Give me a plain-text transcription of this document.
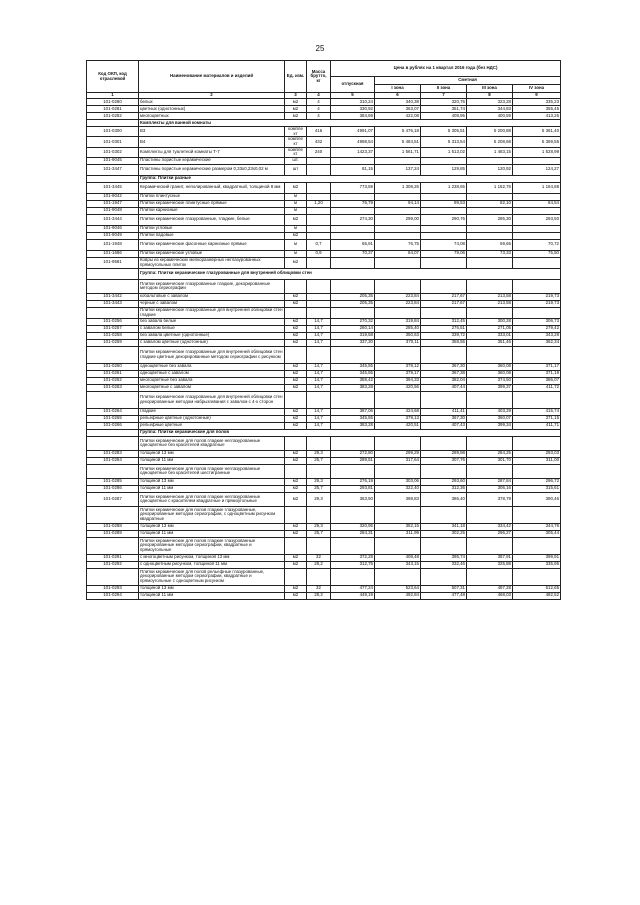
25
Код ОКП, код отраслевой	Наименование материалов и изделий	Ед. изм.	Масса брутто, кг	Цена в рублях на 1 квартал 2016 года (без НДС)				
				отпускная	Сметная			
					I зона	II зона	III зона	IV зона
1	2	3	4	5	6	7	8	9
101-0280	белых	м2	4	310,24	340,38	320,76	323,28	335,23
101-0281	цветных (однотонных)	м2	4	330,92	363,07	351,74	344,83	355,45
101-0282	многоцветных	м2	4	384,69	422,08	408,95	400,59	413,26
	Комплекты для ванной комнаты							
101-0300	В3	компле кт	416	4991,07	5 476,18	5 305,51	5 200,88	5 361,40
101-0301	В4	компле кт	432	4998,54	5 484,51	5 313,54	5 208,68	5 369,55
101-0302	Комплекты для туалетной комнаты Т-7	компле кт	240	1423,37	1 561,71	1 513,02	1 483,15	1 528,99
101-9045	Пластины пористые керамические	шт.						
101-3447	Пластины пористые керамические размером 0,33х0,23х0,02 м	шт		81,15	137,24	129,85	120,92	124,27
	Группа: Плитки разные							
101-3445	Керамический гранит, неполированный, квадратный, толщиной 8 мм	м2		773,59	1 308,26	1 238,65	1 152,76	1 184,88
101-9042	Плитки плинтусные	м						
101-1947	Плитки керамические плинтусные прямые	м	1,20	76,79	94,14	89,53	82,10	84,54
101-9048	Плитки карнизные	м						
101-3444	Плитки керамические глазурованные, гладкие, белые	м2		274,30	299,00	290,76	285,30	293,50
101-9046	Плитки угловые	м						
101-9049	Плитки падовые	м2						
101-1948	Плитки керамические фасонные карнизные прямые	м	0,7	65,91	76,75	74,08	69,65	70,72
101-1686	Плитки керамические угловые	м	0,9	70,37	84,07	79,06	73,33	75,50
101-9581	Ковры из керамических мелкоразмерных неглазурованных прямоугольных плиток	м2						
	Группа: Плитки керамические глазурованные для внутренней облицовки стен							
	Плитки керамические глазурованные гладкие, декорированные методом сериографии							
101-3442	кобальтовые с завалом	м2		205,35	223,84	217,67	213,58	219,73
101-3443	черные с завалом	м2		205,35	223,84	217,67	213,58	219,73
	Плитки керамические глазурованные для внутренней облицовки стен гладкие							
101-0256	без завала белые	м2	14,7	270,32	319,84	312,45	300,28	306,73
101-0257	с завалом белые	м2	14,7	260,14	285,40	276,51	271,05	279,42
101-0258	без завала цветные (однотонные)	м2	14,7	319,58	350,63	339,72	333,01	343,28
101-0259	с завалом цветные (однотонные)	м2	14,7	337,30	370,11	358,55	351,46	362,34
	Плитки керамические глазурованные для внутренней облицовки стен гладкие цветные декорированные методом сериографии с рисунком							
101-0260	однощветные без завала	м2	14,7	345,55	379,12	367,30	360,08	371,17
101-0261	одноцветные с завалом	м2	14,7	345,55	379,17	367,38	360,08	371,19
101-0262	многоцветные без завала	м2	14,7	359,42	394,33	382,04	374,50	386,07
101-0263	многоцветные с завалом	м2	14,7	383,28	420,56	407,44	399,37	411,72
	Плитки керамические глазурованные для внутренней облицовки стен декорированные методом набрызгивания с завалом с 4-х сторон							
101-0264	гладкие	м2	14,7	387,06	424,68	411,41	403,29	415,74
101-0265	рельефные цветные (однотонные)	м2	14,7	345,55	379,13	367,30	360,07	371,15
101-0266	рельефные цветные	м2	14,7	383,28	420,51	407,43	399,34	411,71
	Группа: Плитки керамические для полов							
	Плитки керамические для полов гладкие неглазурованные одноцветные без красителей квадратные							
101-0283	толщиной 13 мм	м2	29,3	272,80	299,29	289,98	284,25	293,03
101-0284	толщиной 11 мм	м2	25,7	289,51	317,64	307,76	301,70	311,00
	Плитки керамические для полов гладкие неглазурованные одноцветные без красителей шестигранные							
101-0285	толщиной 13 мм	м2	29,3	276,19	303,06	293,60	287,84	296,72
101-0286	толщиной 11 мм	м2	25,7	293,81	322,40	312,36	306,16	315,61
101-0287	Плитки керамические для полов гладкие неглазурованные одноцветные с красителем квадратные и прямоугольные	м2	29,3	363,50	398,83	386,40	378,79	390,46
	Плитки керамические для полов гладкие глазурованные, декорированные методом сериографии, с одноцветным рисунком квадратные							
101-0288	толщиной 13 мм	м2	29,3	320,95	352,15	341,18	334,42	344,76
101-0289	толщиной 11 мм	м2	25,7	284,31	311,99	302,25	296,27	305,44
	Плитки керамические для полов гладкие глазурованные декорированные методом сериографии, квадратные и прямоугольные							
101-0291	с многоцветным рисунком, толщиной 13 мм	м2	32	372,28	408,48	395,74	387,91	399,91
101-0292	с одноцветным рисунком, толщиной 11 мм	м2	28,2	312,75	343,15	332,46	325,88	335,95
	Плитки керамические для полов рельефные глазурованные, декорированные методом сериографии, квадратные и прямоугольные с одноцветным рисунком							
101-0293	толщиной 13 мм	м2	32	477,24	523,64	507,31	497,28	512,65
101-0294	толщиной 11 мм	м2	28,2	449,19	492,84	477,48	468,03	482,52
